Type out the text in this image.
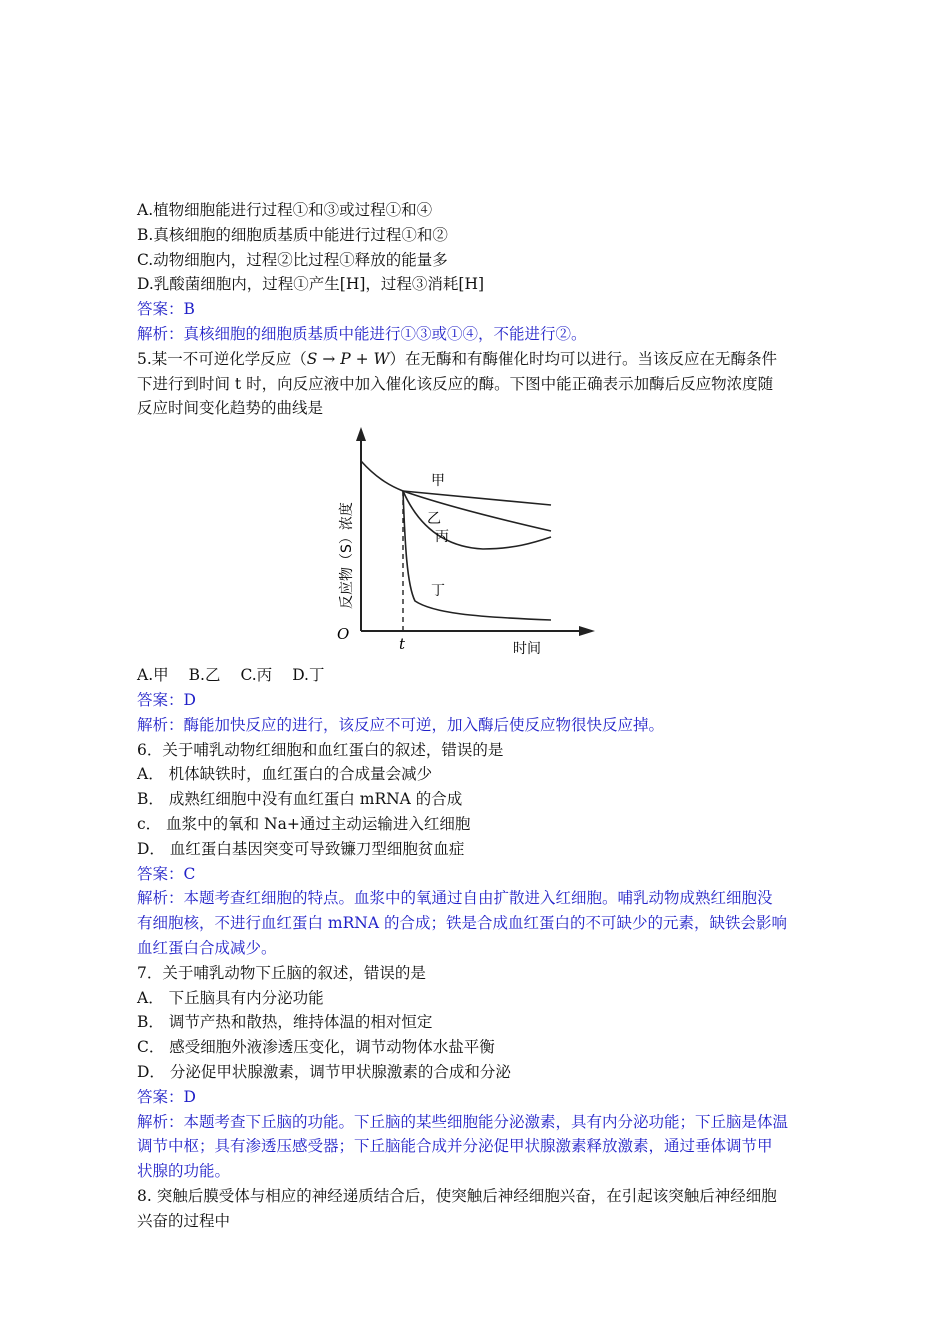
A.植物细胞能进行过程①和③或过程①和④
B.真核细胞的细胞质基质中能进行过程①和②
C.动物细胞内，过程②比过程①释放的能量多
D.乳酸菌细胞内，过程①产生[H]，过程③消耗[H]
答案：B
解析：真核细胞的细胞质基质中能进行①③或①④，不能进行②。
5.某一不可逆化学反应（S → P + W）在无酶和有酶催化时均可以进行。当该反应在无酶条件
下进行到时间 t 时，向反应液中加入催化该反应的酶。下图中能正确表示加酶后反应物浓度随
反应时间变化趋势的曲线是
甲
乙
丙
丁
O
t	时间
反应物（S）浓度
A.甲 B.乙 C.丙 D.丁
答案：D
解析：酶能加快反应的进行，该反应不可逆，加入酶后使反应物很快反应掉。
6．关于哺乳动物红细胞和血红蛋白的叙述，错误的是
A． 机体缺铁时，血红蛋白的合成量会减少
B． 成熟红细胞中没有血红蛋白 mRNA 的合成
c． 血浆中的氧和 Na+通过主动运输进入红细胞
D． 血红蛋白基因突变可导致镰刀型细胞贫血症
答案：C
解析：本题考查红细胞的特点。血浆中的氧通过自由扩散进入红细胞。哺乳动物成熟红细胞没
有细胞核，不进行血红蛋白 mRNA 的合成；铁是合成血红蛋白的不可缺少的元素，缺铁会影响
血红蛋白合成减少。
7．关于哺乳动物下丘脑的叙述，错误的是
A． 下丘脑具有内分泌功能
B． 调节产热和散热，维持体温的相对恒定
C． 感受细胞外液渗透压变化，调节动物体水盐平衡
D． 分泌促甲状腺激素，调节甲状腺激素的合成和分泌
答案：D
解析：本题考查下丘脑的功能。下丘脑的某些细胞能分泌激素，具有内分泌功能；下丘脑是体温
调节中枢；具有渗透压感受器；下丘脑能合成并分泌促甲状腺激素释放激素，通过垂体调节甲
状腺的功能。
8. 突触后膜受体与相应的神经递质结合后，使突触后神经细胞兴奋，在引起该突触后神经细胞
兴奋的过程中
